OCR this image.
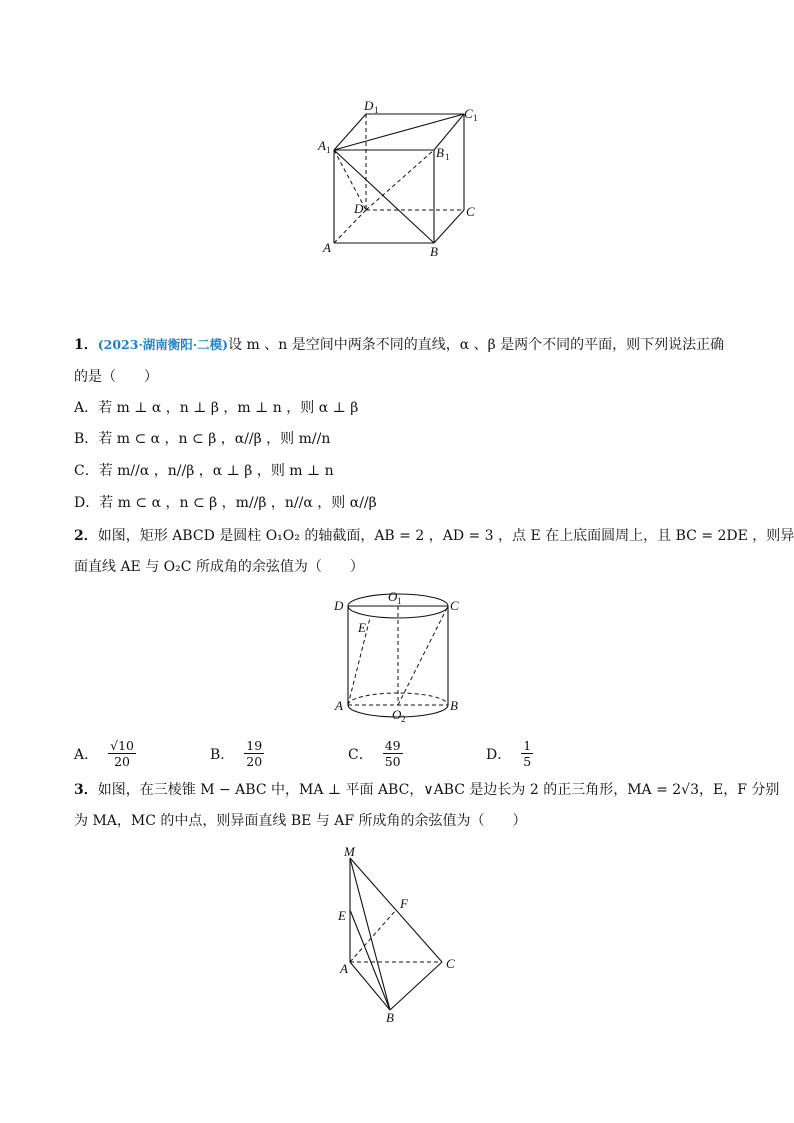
D 1	C 1
A 1	B 1
D	C
A	B
1．(2023·湖南衡阳·二模)设 m 、n 是空间中两条不同的直线，α 、β 是两个不同的平面，则下列说法正确
的是（　　）
A．若 m ⊥ α ，n ⊥ β ，m ⊥ n ，则 α ⊥ β
B．若 m ⊂ α ，n ⊂ β ，α//β ，则 m//n
C．若 m//α ，n//β ，α ⊥ β ，则 m ⊥ n
D．若 m ⊂ α ，n ⊂ β ，m//β ，n//α ，则 α//β
2．如图，矩形 ABCD 是圆柱 O₁O₂ 的轴截面，AB = 2 ，AD = 3 ，点 E 在上底面圆周上，且 BC = 2DE ，则异
面直线 AE 与 O₂C 所成角的余弦值为（　　）
D
O 1	C
E
A
O 2
B
A． $\frac{√10}{20}$	B． $\frac{19}{20}$	C． $\frac{49}{50}$	D． $\frac{1}{5}$
3．如图，在三棱锥 M − ABC 中，MA ⊥ 平面 ABC，∨ABC 是边长为 2 的正三角形，MA = 2√3，E，F 分别
为 MA，MC 的中点，则异面直线 BE 与 AF 所成角的余弦值为（　　）
M
E
F
A	C
B
